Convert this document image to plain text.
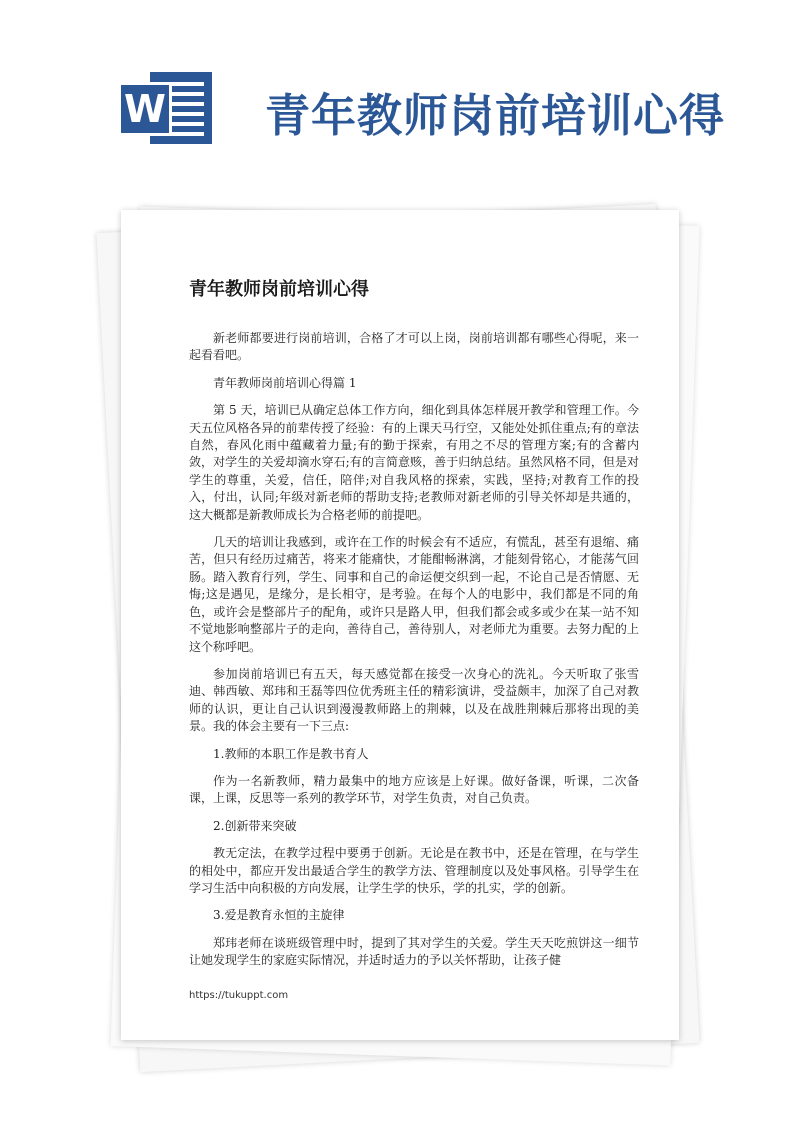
W 青年教师岗前培训心得
青年教师岗前培训心得

新老师都要进行岗前培训，合格了才可以上岗，岗前培训都有哪些心得呢，来一起看看吧。

青年教师岗前培训心得篇 1

第 5 天，培训已从确定总体工作方向，细化到具体怎样展开教学和管理工作。今天五位风格各异的前辈传授了经验：有的上课天马行空，又能处处抓住重点;有的章法自然，春风化雨中蕴藏着力量;有的勤于探索，有用之不尽的管理方案;有的含蓄内敛，对学生的关爱却滴水穿石;有的言简意赅，善于归纳总结。虽然风格不同，但是对学生的尊重，关爱，信任，陪伴;对自我风格的探索，实践，坚持;对教育工作的投入，付出，认同;年级对新老师的帮助支持;老教师对新老师的引导关怀却是共通的，这大概都是新教师成长为合格老师的前提吧。

几天的培训让我感到，或许在工作的时候会有不适应，有慌乱，甚至有退缩、痛苦，但只有经历过痛苦，将来才能痛快，才能酣畅淋漓，才能刻骨铭心，才能荡气回肠。踏入教育行列，学生、同事和自己的命运便交织到一起，不论自己是否情愿、无悔;这是遇见，是缘分，是长相守，是考验。在每个人的电影中，我们都是不同的角色，或许会是整部片子的配角，或许只是路人甲，但我们都会或多或少在某一站不知不觉地影响整部片子的走向，善待自己，善待别人，对老师尤为重要。去努力配的上这个称呼吧。

参加岗前培训已有五天，每天感觉都在接受一次身心的洗礼。今天听取了张雪迪、韩西敏、郑玮和王磊等四位优秀班主任的精彩演讲，受益颇丰，加深了自己对教师的认识，更让自己认识到漫漫教师路上的荆棘，以及在战胜荆棘后那将出现的美景。我的体会主要有一下三点:

1.教师的本职工作是教书育人

作为一名新教师，精力最集中的地方应该是上好课。做好备课，听课，二次备课，上课，反思等一系列的教学环节，对学生负责，对自己负责。

2.创新带来突破

教无定法，在教学过程中要勇于创新。无论是在教书中，还是在管理，在与学生的相处中，都应开发出最适合学生的教学方法、管理制度以及处事风格。引导学生在学习生活中向积极的方向发展，让学生学的快乐，学的扎实，学的创新。

3.爱是教育永恒的主旋律

郑玮老师在谈班级管理中时，提到了其对学生的关爱。学生天天吃煎饼这一细节让她发现学生的家庭实际情况，并适时适力的予以关怀帮助，让孩子健

https://tukuppt.com
